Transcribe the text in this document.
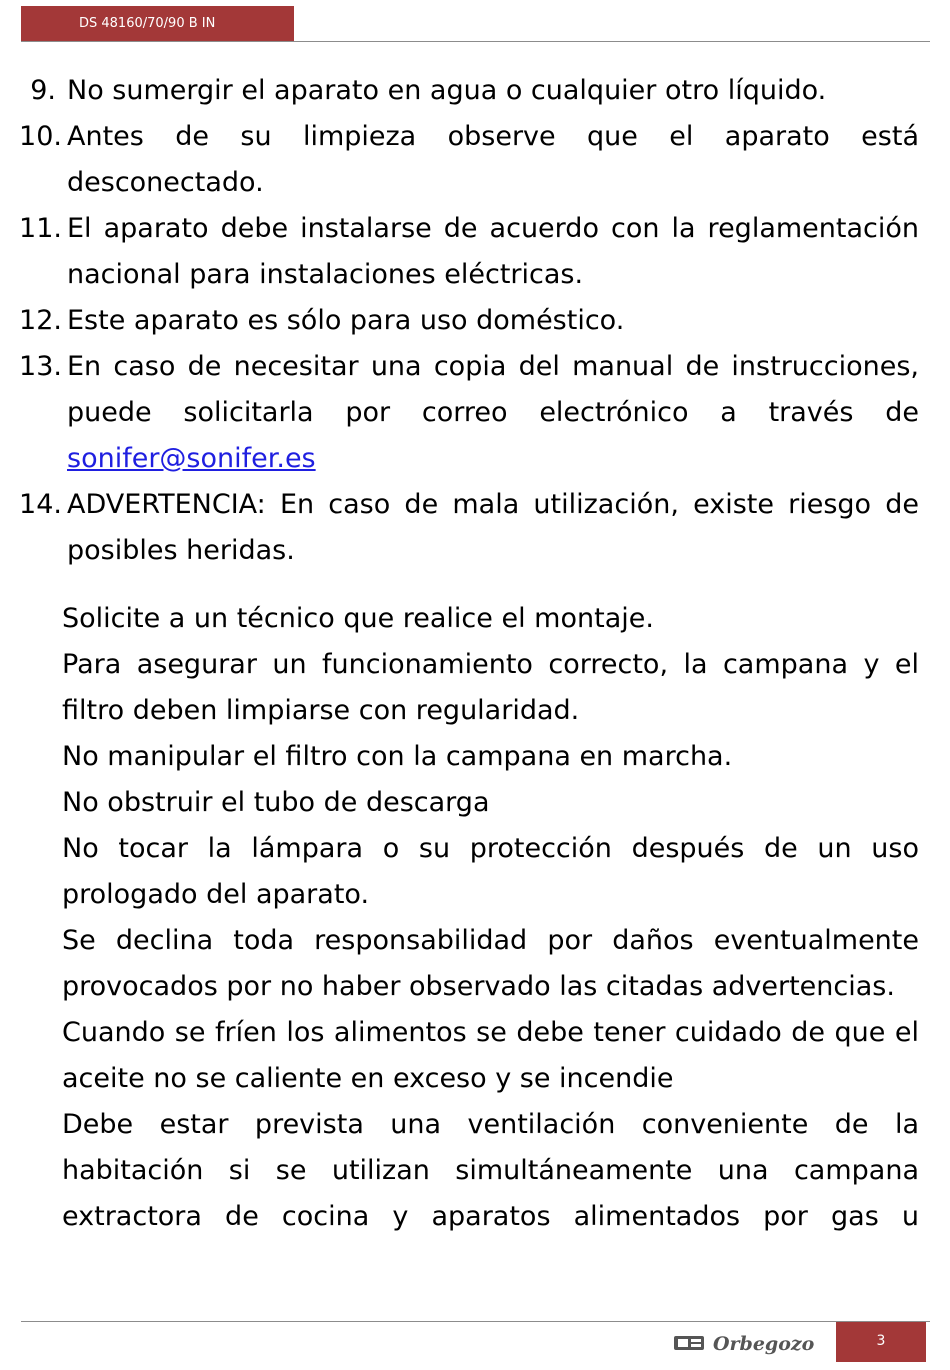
DS 48160/70/90 B IN
9. No sumergir el aparato en agua o cualquier otro líquido.
10. Antes de su limpieza observe que el aparato está desconectado.
11. El aparato debe instalarse de acuerdo con la reglamentación nacional para instalaciones eléctricas.
12. Este aparato es sólo para uso doméstico.
13. En caso de necesitar una copia del manual de instrucciones, puede solicitarla por correo electrónico a través de sonifer@sonifer.es
14. ADVERTENCIA: En caso de mala utilización, existe riesgo de posibles heridas.

Solicite a un técnico que realice el montaje.

Para asegurar un funcionamiento correcto, la campana y el filtro deben limpiarse con regularidad.

No manipular el filtro con la campana en marcha.

No obstruir el tubo de descarga

No tocar la lámpara o su protección después de un uso prologado del aparato.

Se declina toda responsabilidad por daños eventualmente provocados por no haber observado las citadas advertencias.

Cuando se fríen los alimentos se debe tener cuidado de que el aceite no se caliente en exceso y se incendie

Debe estar prevista una ventilación conveniente de la habitación si se utilizan simultáneamente una campana extractora de cocina y aparatos alimentados por gas u

Orbegozo	3
